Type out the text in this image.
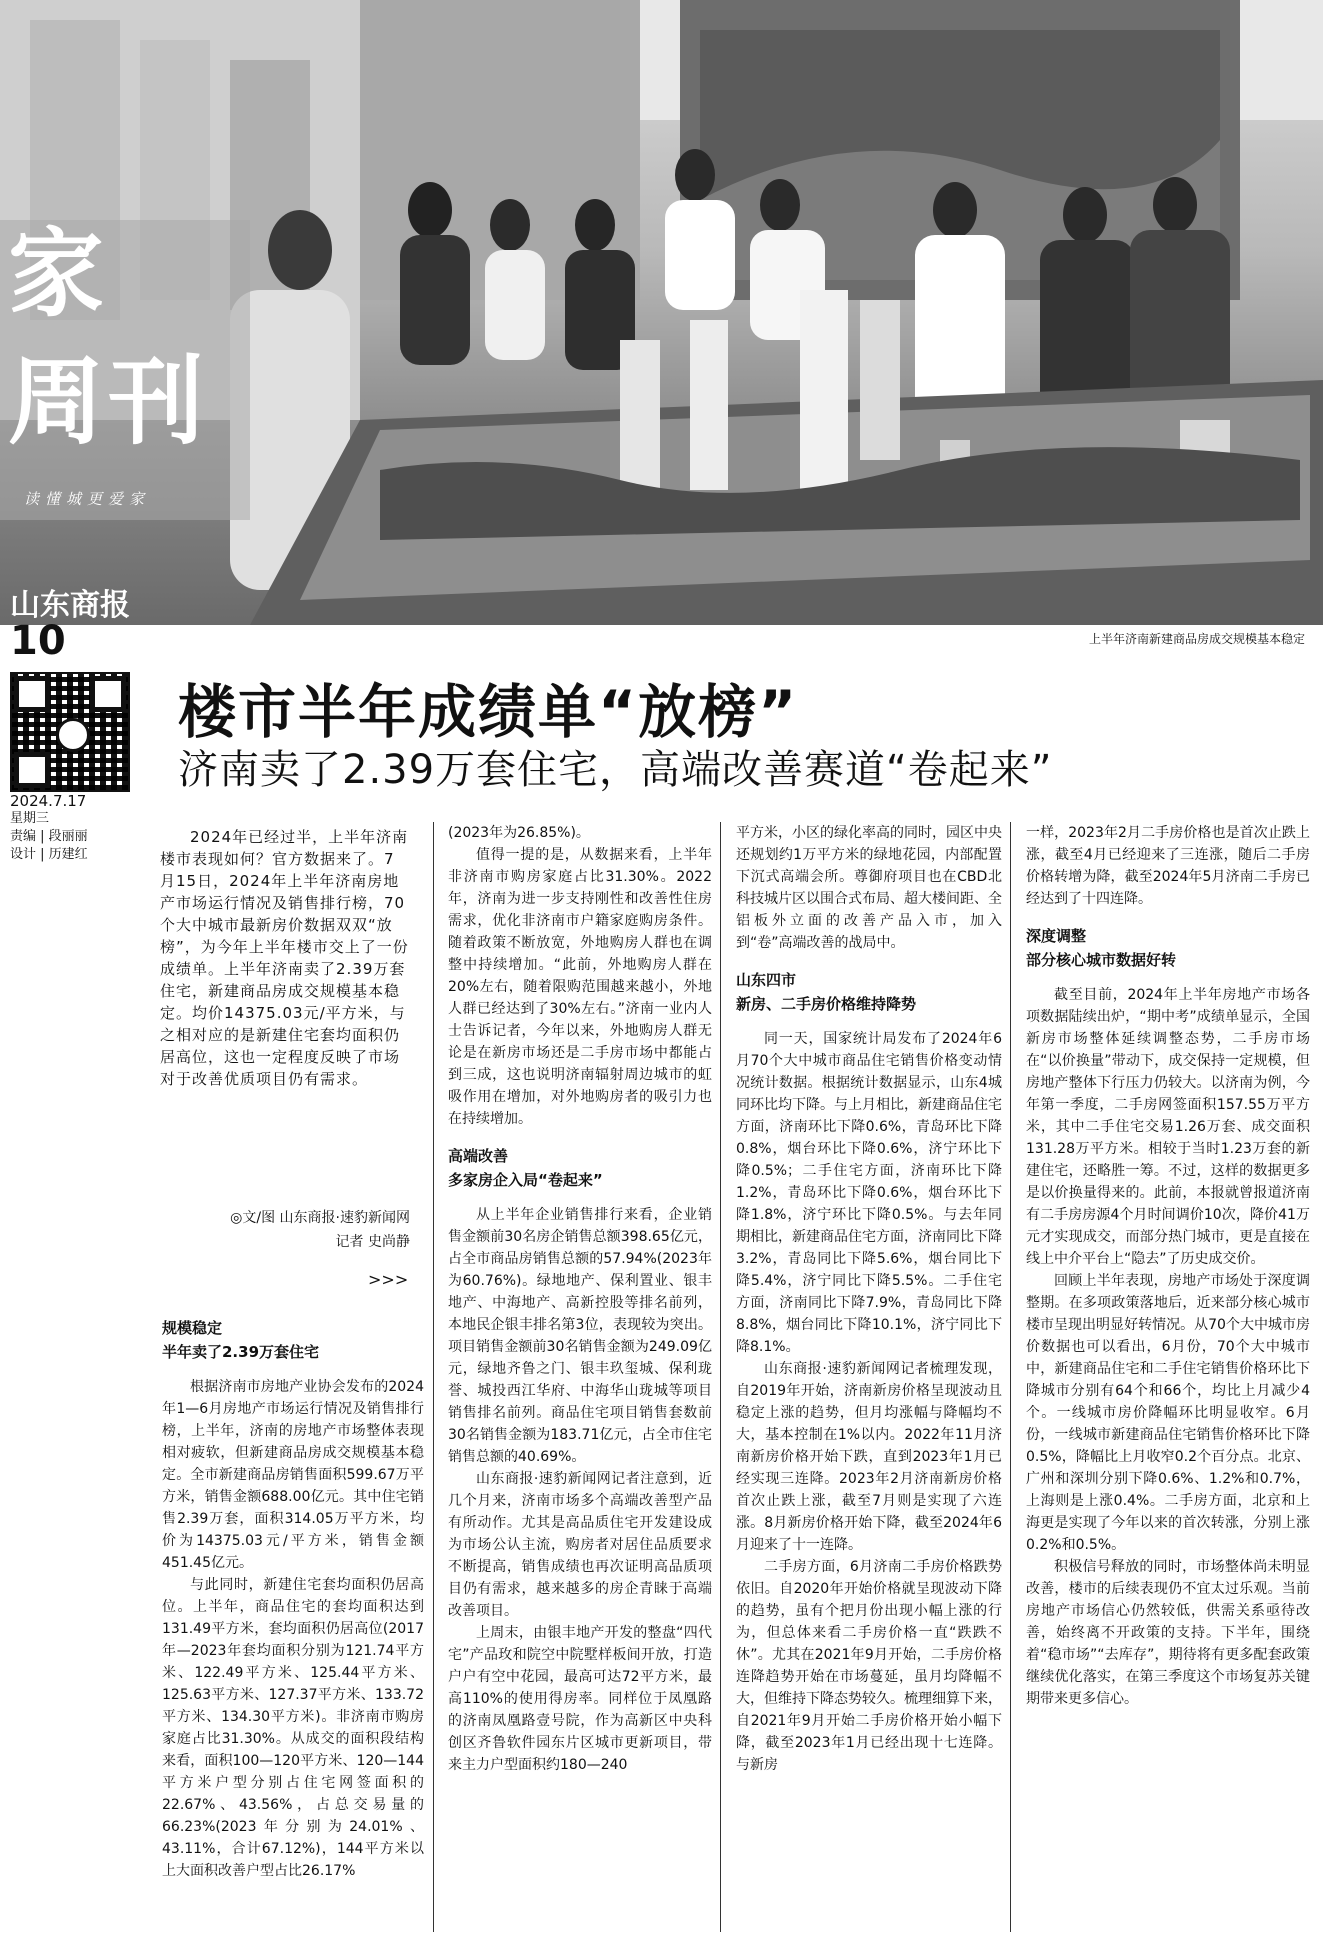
家
周刊
读懂城更爱家
山东商报
10	上半年济南新建商品房成交规模基本稳定
2024.7.17
星期三
责编 | 段丽丽
设计 | 历建红
楼市半年成绩单“放榜”
济南卖了2.39万套住宅，高端改善赛道“卷起来”
2024年已经过半，上半年济南楼市表现如何？官方数据来了。7月15日，2024年上半年济南房地产市场运行情况及销售排行榜，70个大中城市最新房价数据双双“放榜”，为今年上半年楼市交上了一份成绩单。上半年济南卖了2.39万套住宅，新建商品房成交规模基本稳定。均价14375.03元/平方米，与之相对应的是新建住宅套均面积仍居高位，这也一定程度反映了市场对于改善优质项目仍有需求。
◎文/图 山东商报·速豹新闻网
记者 史尚静
>>>
规模稳定
半年卖了2.39万套住宅

根据济南市房地产业协会发布的2024年1—6月房地产市场运行情况及销售排行榜，上半年，济南的房地产市场整体表现相对疲软，但新建商品房成交规模基本稳定。全市新建商品房销售面积599.67万平方米，销售金额688.00亿元。其中住宅销售2.39万套，面积314.05万平方米，均价为14375.03元/平方米，销售金额451.45亿元。

与此同时，新建住宅套均面积仍居高位。上半年，商品住宅的套均面积达到131.49平方米，套均面积仍居高位(2017年—2023年套均面积分别为121.74平方米、122.49平方米、125.44平方米、125.63平方米、127.37平方米、133.72平方米、134.30平方米)。非济南市购房家庭占比31.30%。从成交的面积段结构来看，面积100—120平方米、120—144平方米户型分别占住宅网签面积的22.67%、43.56%，占总交易量的66.23%(2023年分别为24.01%、43.11%，合计67.12%)，144平方米以上大面积改善户型占比26.17%

(2023年为26.85%)。

值得一提的是，从数据来看，上半年非济南市购房家庭占比31.30%。2022年，济南为进一步支持刚性和改善性住房需求，优化非济南市户籍家庭购房条件。随着政策不断放宽，外地购房人群也在调整中持续增加。“此前，外地购房人群在20%左右，随着限购范围越来越小，外地人群已经达到了30%左右。”济南一业内人士告诉记者，今年以来，外地购房人群无论是在新房市场还是二手房市场中都能占到三成，这也说明济南辐射周边城市的虹吸作用在增加，对外地购房者的吸引力也在持续增加。

高端改善
多家房企入局“卷起来”

从上半年企业销售排行来看，企业销售金额前30名房企销售总额398.65亿元，占全市商品房销售总额的57.94%(2023年为60.76%)。绿地地产、保利置业、银丰地产、中海地产、高新控股等排名前列，本地民企银丰排名第3位，表现较为突出。项目销售金额前30名销售金额为249.09亿元，绿地齐鲁之门、银丰玖玺城、保利珑誉、城投西江华府、中海华山珑城等项目销售排名前列。商品住宅项目销售套数前30名销售金额为183.71亿元，占全市住宅销售总额的40.69%。

山东商报·速豹新闻网记者注意到，近几个月来，济南市场多个高端改善型产品有所动作。尤其是高品质住宅开发建设成为市场公认主流，购房者对居住品质要求不断提高，销售成绩也再次证明高品质项目仍有需求，越来越多的房企青睐于高端改善项目。

上周末，由银丰地产开发的整盘“四代宅”产品玫和院空中院墅样板间开放，打造户户有空中花园，最高可达72平方米，最高110%的使用得房率。同样位于凤凰路的济南凤凰路壹号院，作为高新区中央科创区齐鲁软件园东片区城市更新项目，带来主力户型面积约180—240

平方米，小区的绿化率高的同时，园区中央还规划约1万平方米的绿地花园，内部配置下沉式高端会所。尊御府项目也在CBD北科技城片区以围合式布局、超大楼间距、全铝板外立面的改善产品入市，加入到“卷”高端改善的战局中。

山东四市
新房、二手房价格维持降势

同一天，国家统计局发布了2024年6月70个大中城市商品住宅销售价格变动情况统计数据。根据统计数据显示，山东4城同环比均下降。与上月相比，新建商品住宅方面，济南环比下降0.6%，青岛环比下降0.8%，烟台环比下降0.6%，济宁环比下降0.5%；二手住宅方面，济南环比下降1.2%，青岛环比下降0.6%，烟台环比下降1.8%，济宁环比下降0.5%。与去年同期相比，新建商品住宅方面，济南同比下降3.2%，青岛同比下降5.6%，烟台同比下降5.4%，济宁同比下降5.5%。二手住宅方面，济南同比下降7.9%，青岛同比下降8.8%，烟台同比下降10.1%，济宁同比下降8.1%。

山东商报·速豹新闻网记者梳理发现，自2019年开始，济南新房价格呈现波动且稳定上涨的趋势，但月均涨幅与降幅均不大，基本控制在1%以内。2022年11月济南新房价格开始下跌，直到2023年1月已经实现三连降。2023年2月济南新房价格首次止跌上涨，截至7月则是实现了六连涨。8月新房价格开始下降，截至2024年6月迎来了十一连降。

二手房方面，6月济南二手房价格跌势依旧。自2020年开始价格就呈现波动下降的趋势，虽有个把月份出现小幅上涨的行为，但总体来看二手房价格一直“跌跌不休”。尤其在2021年9月开始，二手房价格连降趋势开始在市场蔓延，虽月均降幅不大，但维持下降态势较久。梳理细算下来，自2021年9月开始二手房价格开始小幅下降，截至2023年1月已经出现十七连降。与新房

一样，2023年2月二手房价格也是首次止跌上涨，截至4月已经迎来了三连涨，随后二手房价格转增为降，截至2024年5月济南二手房已经达到了十四连降。

深度调整
部分核心城市数据好转

截至目前，2024年上半年房地产市场各项数据陆续出炉，“期中考”成绩单显示，全国新房市场整体延续调整态势，二手房市场在“以价换量”带动下，成交保持一定规模，但房地产整体下行压力仍较大。以济南为例，今年第一季度，二手房网签面积157.55万平方米，其中二手住宅交易1.26万套、成交面积131.28万平方米。相较于当时1.23万套的新建住宅，还略胜一筹。不过，这样的数据更多是以价换量得来的。此前，本报就曾报道济南有二手房房源4个月时间调价10次，降价41万元才实现成交，而部分热门城市，更是直接在线上中介平台上“隐去”了历史成交价。

回顾上半年表现，房地产市场处于深度调整期。在多项政策落地后，近来部分核心城市楼市呈现出明显好转情况。从70个大中城市房价数据也可以看出，6月份，70个大中城市中，新建商品住宅和二手住宅销售价格环比下降城市分别有64个和66个，均比上月减少4个。一线城市房价降幅环比明显收窄。6月份，一线城市新建商品住宅销售价格环比下降0.5%，降幅比上月收窄0.2个百分点。北京、广州和深圳分别下降0.6%、1.2%和0.7%，上海则是上涨0.4%。二手房方面，北京和上海更是实现了今年以来的首次转涨，分别上涨0.2%和0.5%。

积极信号释放的同时，市场整体尚未明显改善，楼市的后续表现仍不宜太过乐观。当前房地产市场信心仍然较低，供需关系亟待改善，始终离不开政策的支持。下半年，围绕着“稳市场”“去库存”，期待将有更多配套政策继续优化落实，在第三季度这个市场复苏关键期带来更多信心。
